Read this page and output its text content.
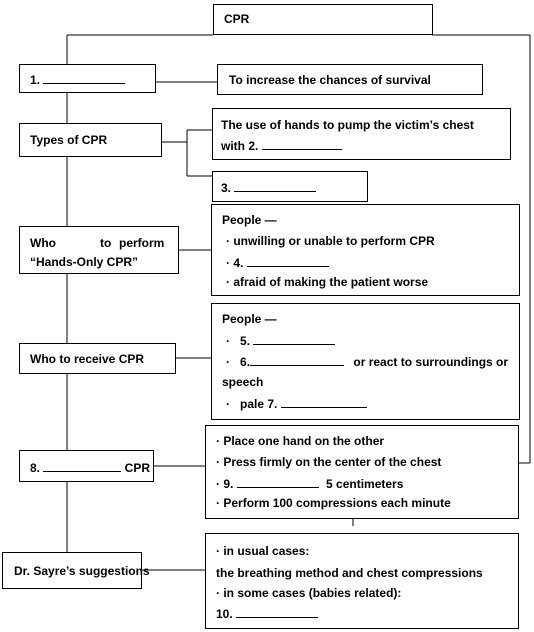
CPR
1.	To increase the chances of survival
Types of CPR
The use of hands to pump the victim’s chest
with 2.
3.
Who	to perform
“Hands-Only CPR”
People —
· unwilling or unable to perform CPR
· 4.
· afraid of making the patient worse
Who to receive CPR
People —
· 5.
· 6.	or react to surroundings or
speech
· pale 7.
8.	CPR
· Place one hand on the other
· Press firmly on the center of the chest
· 9.	5 centimeters
· Perform 100 compressions each minute
Dr. Sayre’s suggestions
· in usual cases:
the breathing method and chest compressions
· in some cases (babies related):
10.
